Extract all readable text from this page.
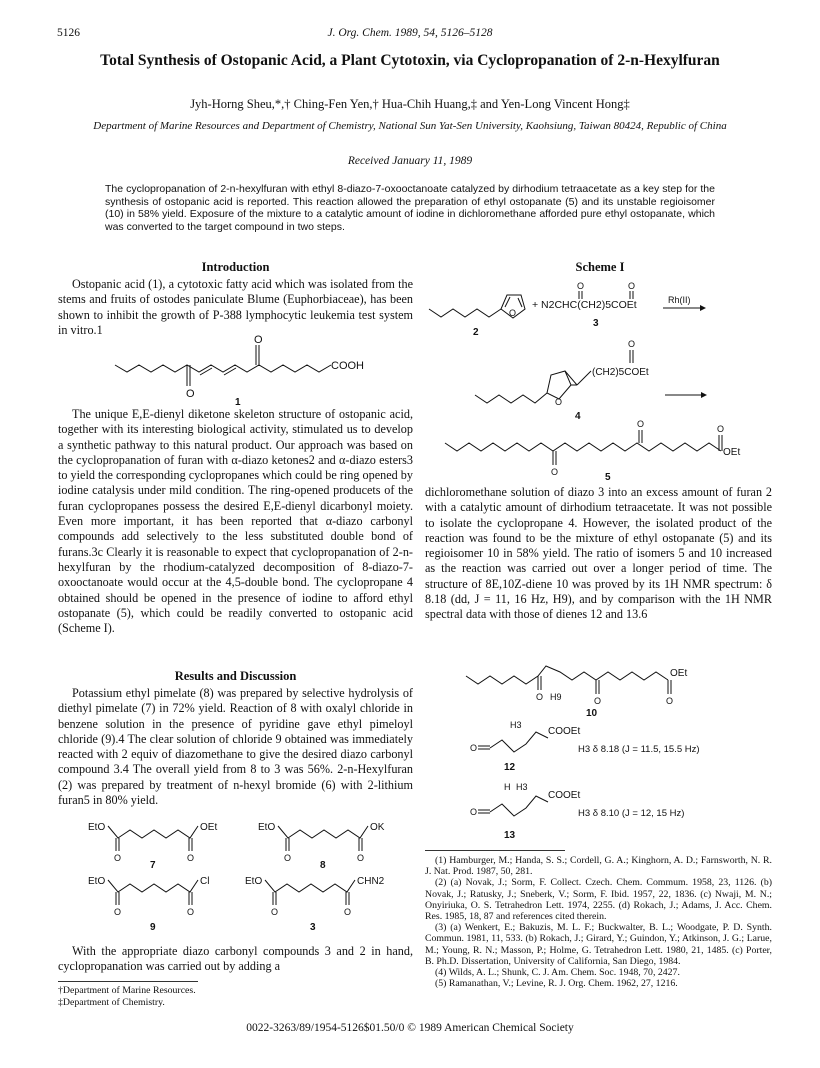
5126	J. Org. Chem. 1989, 54, 5126–5128
Total Synthesis of Ostopanic Acid, a Plant Cytotoxin, via Cyclopropanation of 2-n-Hexylfuran
Jyh-Horng Sheu,*,† Ching-Fen Yen,† Hua-Chih Huang,‡ and Yen-Long Vincent Hong‡
Department of Marine Resources and Department of Chemistry, National Sun Yat-Sen University, Kaohsiung, Taiwan 80424, Republic of China
Received January 11, 1989
The cyclopropanation of 2-n-hexylfuran with ethyl 8-diazo-7-oxooctanoate catalyzed by dirhodium tetraacetate as a key step for the synthesis of ostopanic acid is reported. This reaction allowed the preparation of ethyl ostopanate (5) and its unstable regioisomer (10) in 58% yield. Exposure of the mixture to a catalytic amount of iodine in dichloromethane afforded pure ethyl ostopanate, which was converted to the target compound in two steps.
Introduction

Ostopanic acid (1), a cytotoxic fatty acid which was isolated from the stems and fruits of ostodes paniculate Blume (Euphorbiaceae), has been shown to inhibit the growth of P-388 lymphocytic leukemia test system in vitro.1

O
O
COOH
1

The unique E,E-dienyl diketone skeleton structure of ostopanic acid, together with its interesting biological activity, stimulated us to develop a synthetic pathway to this natural product. Our approach was based on the cyclopropanation of furan with α-diazo ketones2 and α-diazo esters3 to yield the corresponding cyclopropanes which could be ring opened by iodine catalysis under mild condition. The ring-opened producets of the furan cyclopropanes possess the desired E,E-dienyl dicarbonyl moiety. Even more important, it has been reported that α-diazo carbonyl compounds add selectively to the less substituted double bond of furans.3c Clearly it is reasonable to expect that cyclopropanation of 2-n-hexylfuran by the rhodium-catalyzed decomposition of 8-diazo-7-oxooctanoate would occur at the 4,5-double bond. The cyclopropane 4 obtained should be opened in the presence of iodine to afford ethyl ostopanate (5), which could be readily converted to ostopanic acid (Scheme I).

Results and Discussion

Potassium ethyl pimelate (8) was prepared by selective hydrolysis of diethyl pimelate (7) in 72% yield. Reaction of 8 with oxalyl chloride in benzene solution in the presence of pyridine gave ethyl pimeloyl chloride (9).4 The clear solution of chloride 9 obtained was immediately reacted with 2 equiv of diazomethane to give the desired diazo carbonyl compound 3.4 The overall yield from 8 to 3 was 56%. 2-n-Hexylfuran (2) was prepared by treatment of n-hexyl bromide (6) with 2-lithium furan5 in 80% yield.

EtO
O	O
OEt
7
EtO
O	O
OK
8
EtO
O	O
Cl
9
EtO
O	O
CHN2
3

With the appropriate diazo carbonyl compounds 3 and 2 in hand, cyclopropanation was carried out by adding a

†Department of Marine Resources.
‡Department of Chemistry.
Scheme I
O
2
+ N2CHC(CH2)5COEt
O	O
3
Rh(II)
(CH2)5COEt
O
O
4
O
O	O
OEt
5

dichloromethane solution of diazo 3 into an excess amount of furan 2 with a catalytic amount of dirhodium tetraacetate. It was not possible to isolate the cyclopropane 4. However, the isolated product of the reaction was found to be the mixture of ethyl ostopanate (5) and its regioisomer 10 in 58% yield. The ratio of isomers 5 and 10 increased as the reaction was carried out over a longer period of time. The structure of 8E,10Z-diene 10 was proved by its 1H NMR spectrum: δ 8.18 (dd, J = 11, 16 Hz, H9), and by comparison with the 1H NMR spectral data with those of dienes 12 and 13.6

O H9	O	O
OEt
10
O
H3
COOEt
H3 δ 8.18 (J = 11.5, 15.5 Hz)
12
O
H H3
COOEt
H3 δ 8.10 (J = 12, 15 Hz)
13

(1) Hamburger, M.; Handa, S. S.; Cordell, G. A.; Kinghorn, A. D.; Farnsworth, N. R. J. Nat. Prod. 1987, 50, 281.

(2) (a) Novak, J.; Sorm, F. Collect. Czech. Chem. Commum. 1958, 23, 1126. (b) Novak, J.; Ratusky, J.; Sneberk, V.; Sorm, F. Ibid. 1957, 22, 1836. (c) Nwaji, M. N.; Onyiriuka, O. S. Tetrahedron Lett. 1974, 2255. (d) Rokach, J.; Adams, J. Acc. Chem. Res. 1985, 18, 87 and references cited therein.

(3) (a) Wenkert, E.; Bakuzis, M. L. F.; Buckwalter, B. L.; Woodgate, P. D. Synth. Commun. 1981, 11, 533. (b) Rokach, J.; Girard, Y.; Guindon, Y.; Atkinson, J. G.; Larue, M.; Young, R. N.; Masson, P.; Holme, G. Tetrahedron Lett. 1980, 21, 1485. (c) Porter, B. Ph.D. Dissertation, University of California, San Diego, 1984.

(4) Wilds, A. L.; Shunk, C. J. Am. Chem. Soc. 1948, 70, 2427.

(5) Ramanathan, V.; Levine, R. J. Org. Chem. 1962, 27, 1216.

0022-3263/89/1954-5126$01.50/0 © 1989 American Chemical Society
